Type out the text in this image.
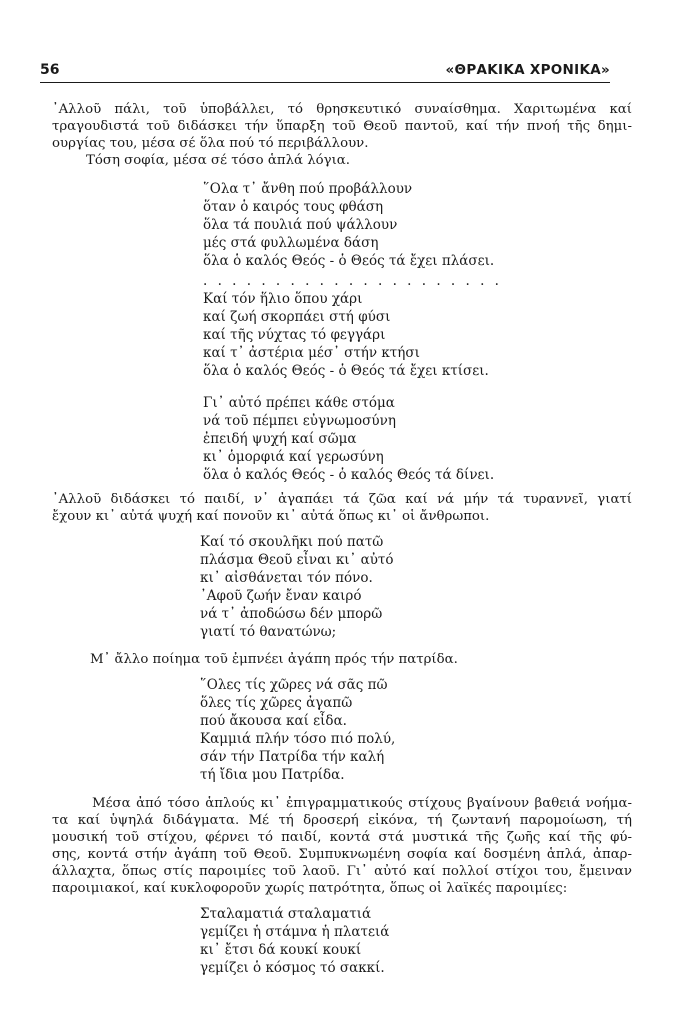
56	«ΘΡΑΚΙΚΑ ΧΡΟΝΙΚΑ»
᾽Αλλοῦ πάλι, τοῦ ὑποβάλλει, τό θρησκευτικό συναίσθημα. Χαριτωμένα καί
τραγουδιστά τοῦ διδάσκει τήν ὕπαρξη τοῦ Θεοῦ παντοῦ, καί τήν πνοή τῆς δημι-
ουργίας του, μέσα σέ ὅλα πού τό περιβάλλουν.
Τόση σοφία, μέσα σέ τόσο ἁπλά λόγια.
῞Ολα τ᾽ ἄνθη πού προβάλλουν
ὅταν ὁ καιρός τους φθάση
ὅλα τά πουλιά πού ψάλλουν
μές στά φυλλωμένα δάση
ὅλα ὁ καλός Θεός - ὁ Θεός τά ἔχει πλάσει.
. . . . . . . . . . . . . . . . . . . . .
Καί τόν ἥλιο ὅπου χάρι
καί ζωή σκορπάει στή φύσι
καί τῆς νύχτας τό φεγγάρι
καί τ᾽ ἀστέρια μέσ᾽ στήν κτήσι
ὅλα ὁ καλός Θεός - ὁ Θεός τά ἔχει κτίσει.
Γι᾽ αὐτό πρέπει κάθε στόμα
νά τοῦ πέμπει εὐγνωμοσύνη
ἐπειδή ψυχή καί σῶμα
κι᾽ ὁμορφιά καί γερωσύνη
ὅλα ὁ καλός Θεός - ὁ καλός Θεός τά δίνει.
᾽Αλλοῦ διδάσκει τό παιδί, ν᾽ ἀγαπάει τά ζῶα καί νά μήν τά τυραννεῖ, γιατί
ἔχουν κι᾽ αὐτά ψυχή καί πονοῦν κι᾽ αὐτά ὅπως κι᾽ οἱ ἄνθρωποι.
Καί τό σκουλῆκι πού πατῶ
πλάσμα Θεοῦ εἶναι κι᾽ αὐτό
κι᾽ αἰσθάνεται τόν πόνο.
᾽Αφοῦ ζωήν ἔναν καιρό
νά τ᾽ ἀποδώσω δέν μπορῶ
γιατί τό θανατώνω;
Μ᾽ ἄλλο ποίημα τοῦ ἐμπνέει ἀγάπη πρός τήν πατρίδα.
῞Ολες τίς χῶρες νά σᾶς πῶ
ὅλες τίς χῶρες ἀγαπῶ
πού ἄκουσα καί εἶδα.
Καμμιά πλήν τόσο πιό πολύ,
σάν τήν Πατρίδα τήν καλή
τή ἴδια μου Πατρίδα.
Μέσα ἀπό τόσο ἁπλούς κι᾽ ἐπιγραμματικούς στίχους βγαίνουν βαθειά νοήμα-
τα καί ὑψηλά διδάγματα. Μέ τή δροσερή εἰκόνα, τή ζωντανή παρομοίωση, τή
μουσική τοῦ στίχου, φέρνει τό παιδί, κοντά στά μυστικά τῆς ζωῆς καί τῆς φύ-
σης, κοντά στήν ἀγάπη τοῦ Θεοῦ. Συμπυκνωμένη σοφία καί δοσμένη ἁπλά, ἀπαρ-
άλλαχτα, ὅπως στίς παροιμίες τοῦ λαοῦ. Γι᾽ αὐτό καί πολλοί στίχοι του, ἔμειναν
παροιμιακοί, καί κυκλοφοροῦν χωρίς πατρότητα, ὅπως οἱ λαϊκές παροιμίες:
Σταλαματιά σταλαματιά
γεμίζει ἡ στάμνα ἡ πλατειά
κι᾽ ἔτσι δά κουκί κουκί
γεμίζει ὁ κόσμος τό σακκί.
